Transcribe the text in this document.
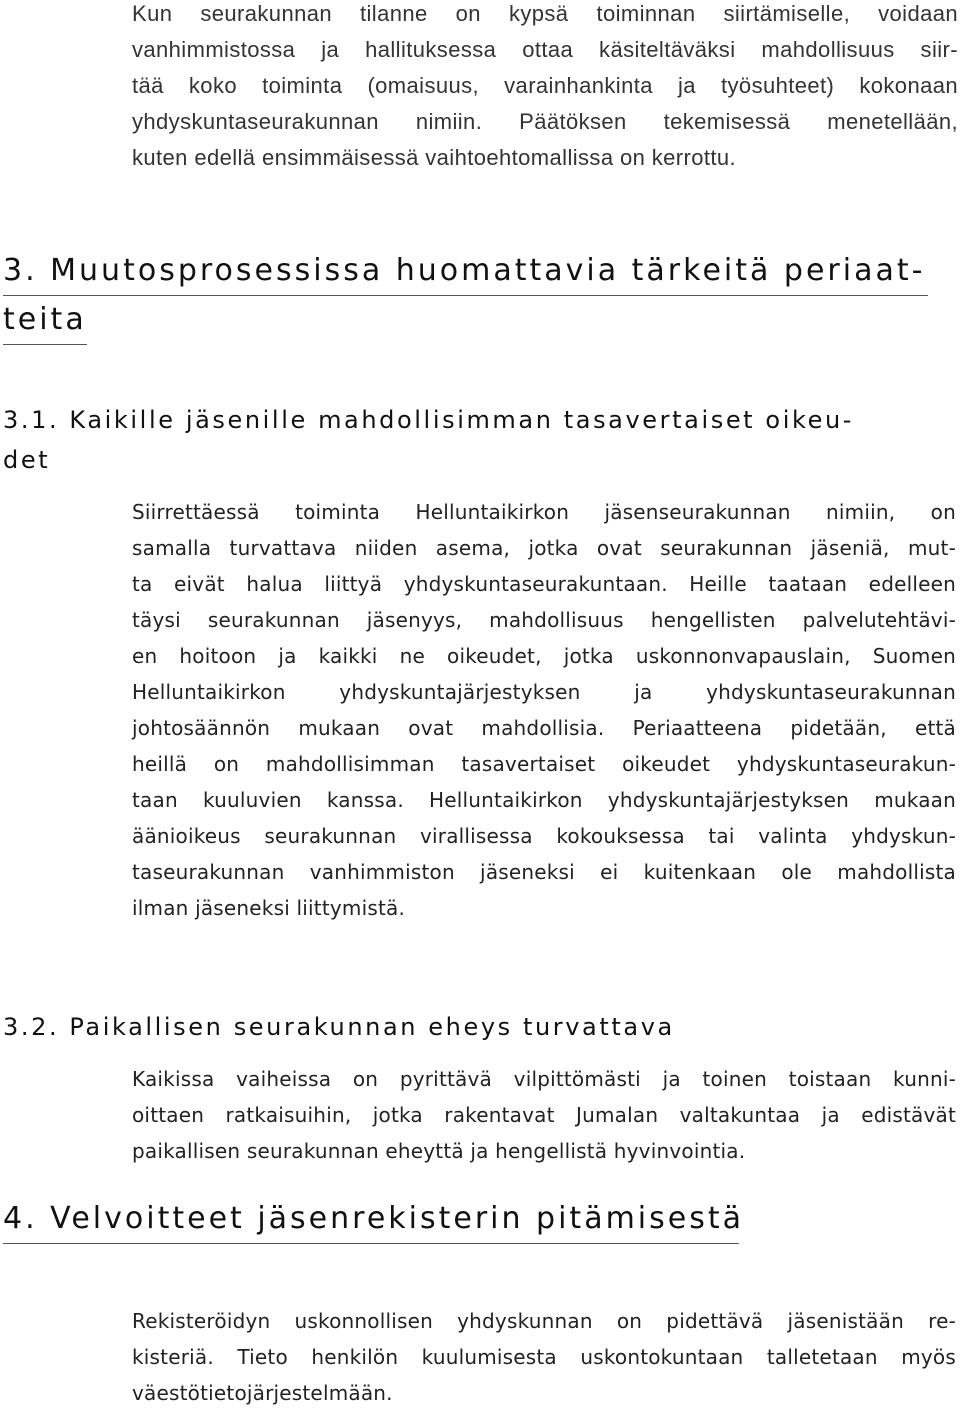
Kun seurakunnan tilanne on kypsä toiminnan siirtämiselle, voidaan
vanhimmistossa ja hallituksessa ottaa käsiteltäväksi mahdollisuus siir-
tää koko toiminta (omaisuus, varainhankinta ja työsuhteet) kokonaan
yhdyskuntaseurakunnan nimiin. Päätöksen tekemisessä menetellään,
kuten edellä ensimmäisessä vaihtoehtomallissa on kerrottu.
3. Muutosprosessissa huomattavia tärkeitä periaat-
teita
3.1. Kaikille jäsenille mahdollisimman tasavertaiset oikeu-
det
Siirrettäessä toiminta Helluntaikirkon jäsenseurakunnan nimiin, on
samalla turvattava niiden asema, jotka ovat seurakunnan jäseniä, mut-
ta eivät halua liittyä yhdyskuntaseurakuntaan. Heille taataan edelleen
täysi seurakunnan jäsenyys, mahdollisuus hengellisten palvelutehtävi-
en hoitoon ja kaikki ne oikeudet, jotka uskonnonvapauslain, Suomen
Helluntaikirkon yhdyskuntajärjestyksen ja yhdyskuntaseurakunnan
johtosäännön mukaan ovat mahdollisia. Periaatteena pidetään, että
heillä on mahdollisimman tasavertaiset oikeudet yhdyskuntaseurakun-
taan kuuluvien kanssa. Helluntaikirkon yhdyskuntajärjestyksen mukaan
äänioikeus seurakunnan virallisessa kokouksessa tai valinta yhdyskun-
taseurakunnan vanhimmiston jäseneksi ei kuitenkaan ole mahdollista
ilman jäseneksi liittymistä.
3.2. Paikallisen seurakunnan eheys turvattava
Kaikissa vaiheissa on pyrittävä vilpittömästi ja toinen toistaan kunni-
oittaen ratkaisuihin, jotka rakentavat Jumalan valtakuntaa ja edistävät
paikallisen seurakunnan eheyttä ja hengellistä hyvinvointia.
4. Velvoitteet jäsenrekisterin pitämisestä
Rekisteröidyn uskonnollisen yhdyskunnan on pidettävä jäsenistään re-
kisteriä. Tieto henkilön kuulumisesta uskontokuntaan talletetaan myös
väestötietojärjestelmään.
